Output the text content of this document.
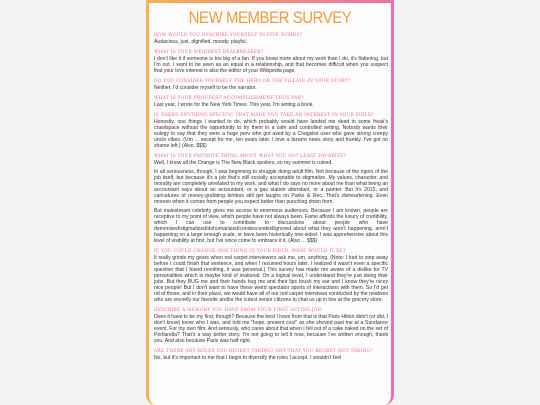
NEW MEMBER SURVEY
HOW WOULD YOU DESCRIBE YOURSELF IN FIVE WORDS?

Audacious, just, dignified, moody, playful.

WHAT IS YOUR WEIRDEST DEALBREAKER?

I don't like it if someone is too big of a fan. If you know more about my work than I do, it's flattering, but I'm out. I want to be seen as an equal in a relationship, and that becomes difficult when you suspect that your love interest is also the editor of your Wikipedia page.

DO YOU CONSIDER YOURSELF THE HERO OR THE VILLAIN IN YOUR STORY?

Neither. I'd consider myself to be the narrator.

WHAT IS YOUR PROUDEST ACCOMPLISHMENT THUS FAR?

Last year, I wrote for the New York Times. This year, I'm writing a book.

IS THERE ANYTHING SPECIFIC THAT MADE YOU TAKE AN INTEREST IN YOUR FIELD?

Honestly, one things I wanted to do, which probably would have landed me dead in some freak's crawlspace without the opportunity to try them in a safe and controlled setting. Nobody wants their eulogy to say that they were a huge perv who got axed by a Craigslist user who gave strong creepy uncle vibes. (Um ... except for me, ten years later. I love a bizarre news story and frankly, I've got no shame left.) (Also, $$$)

WHAT IS YOUR FAVORITE THING ABOUT WHAT YOU DO? LEAST FAVORITE?

Well, I know all the Orange is The New Black spoilers, so my summer is ruined.

In all seriousness, though, I was beginning to struggle doing adult film. Not because of the rigors of the job itself, but because it's a job that's still socially acceptable to stigmatize. My values, character, and morality are completely unrelated to my work, and what I do says no more about me than what being an accountant says about an accountant, or a gas station attendant, or a painter. But it's 2015, and caricatures of money-grubbing bimbos still get laughs on Parks & Rec. That's disheartening. Even moreso when it comes from people you expect better than punching down from.

But mainstream celebrity gives me access to enormous audiences. Because I am known, people are receptive to my point of view, which people have not always been. Fame affords the luxury of credibility, which I can use to contribute to discussions about people who have demonized/stigmatized/dehumanized/condescended/ignored about what they aren't happening, aren't happening on a large enough scale, or have been historically one-sided. I was apprehensive about this level of visibility at first, but I've since come to embrace it it. (Also ... $$$)

IF YOU COULD CHANGE ONE THING IN YOUR FIELD, WHAT WOULD IT BE?

It really grinds my gears when red carpet interviewers ask me, um, anything. (Note: I had to step away before I could finish that sentence, and when I resumed hours later, I realized it wasn't even a specific question that I found revolting, it was personal.) This survey has made me aware of a dislike for TV personalities which is maybe kind of irrational. On a logical level, I understand they're just doing their jobs. But they BUG me and their hands hug me and their lips brush my ear and I know they're nicey nice people! But I don't want to have these weird spectator sports of interactions with them. So I'd get rid of those, and in their place, we would have all of our red carpet interviews conducted by the relatives who are secretly our favorite and/or the cutest senior citizens to chat us up in line at the grocery store.

DESCRIBE A MEMORY YOU HAVE FROM YOUR FIRST ACTING JOB.

Does it have to be my first, though? Because the best I have from that is that Paris Hilton didn't (or did, I don't know) know who I was, and told me "hope, present cool" as she shoved past me at a Sundance event. For my own film. And seriously, who cares about that when I fell out of a cake naked on the set of Portlandia? That's a way better story. I'm not going to tell it now, because I've written enough, thank you. And also because Paris was half right.

ARE THERE ANY ROLES YOU REGRET TAKING? ANY THAT YOU REGRET NOT TAKING?

No, but it's important to me that I begin to diversify the roles I accept. I wouldn't feel
